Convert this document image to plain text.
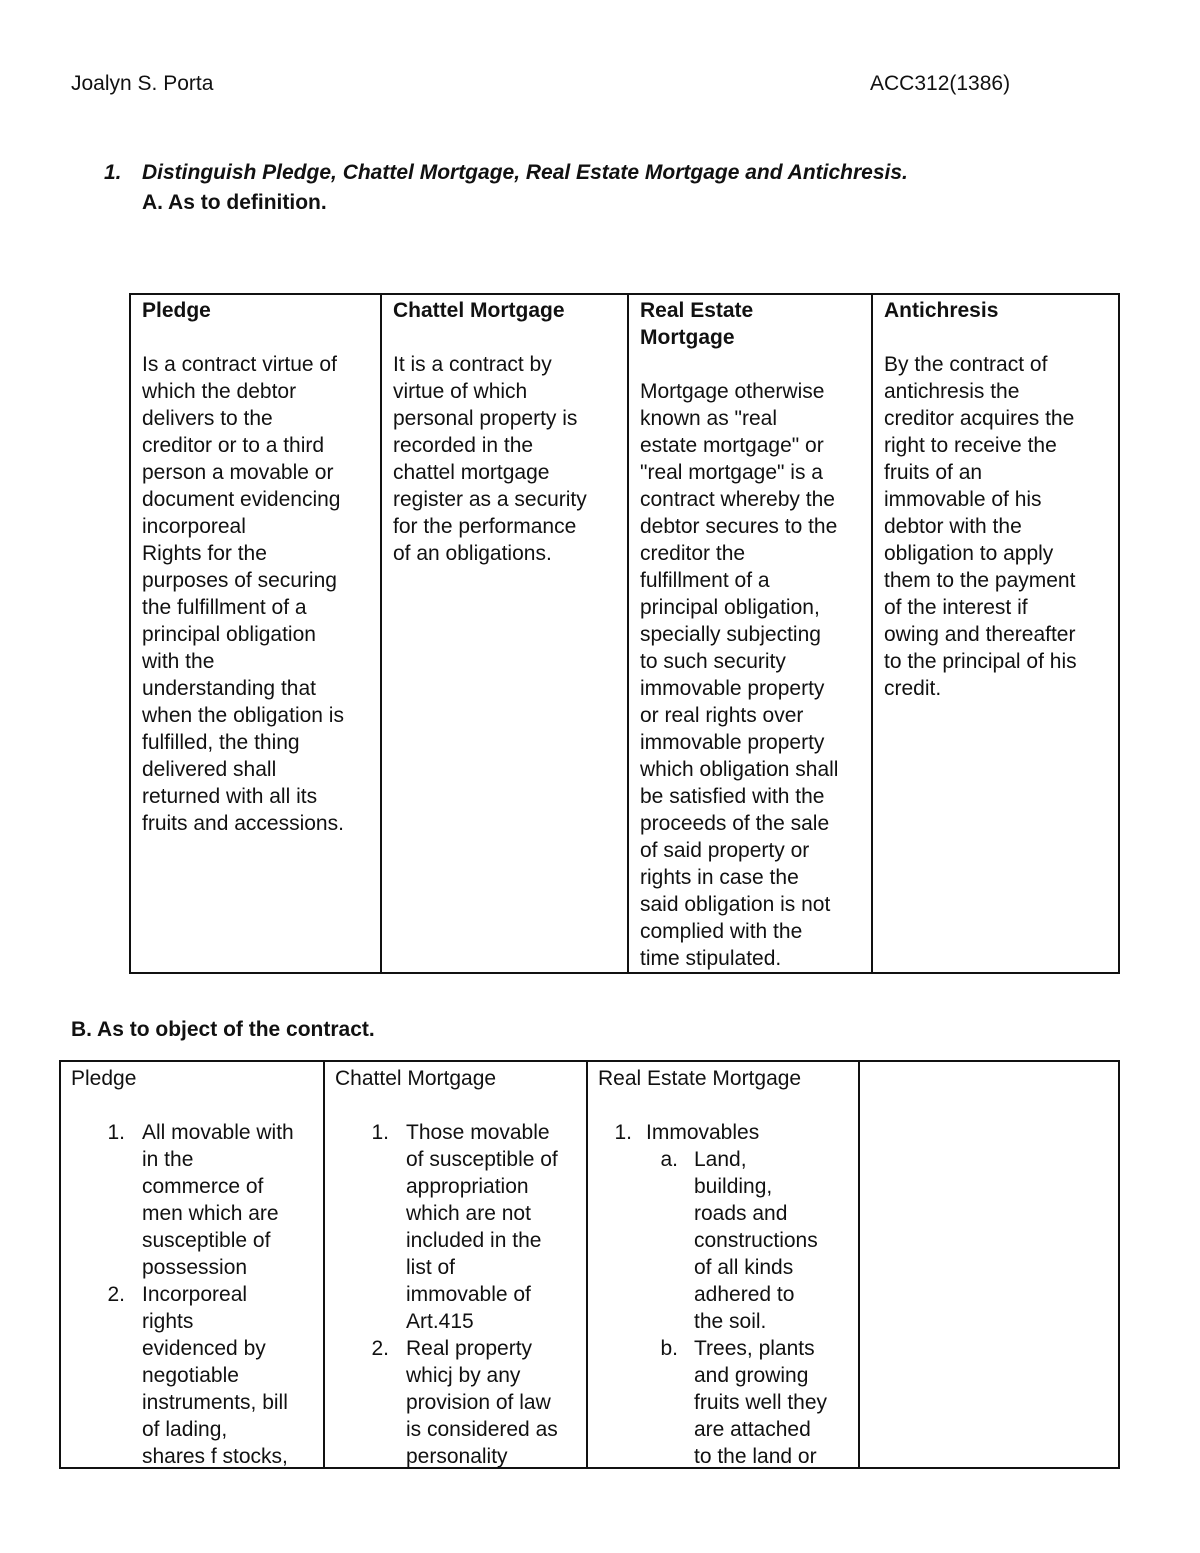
Joalyn S. Porta	ACC312(1386)
1. Distinguish Pledge, Chattel Mortgage, Real Estate Mortgage and Antichresis.
A. As to definition.
Pledge
Is a contract virtue of
which the debtor
delivers to the
creditor or to a third
person a movable or
document evidencing
incorporeal
Rights for the
purposes of securing
the fulfillment of a
principal obligation
with the
understanding that
when the obligation is
fulfilled, the thing
delivered shall
returned with all its
fruits and accessions.

Chattel Mortgage
It is a contract by
virtue of which
personal property is
recorded in the
chattel mortgage
register as a security
for the performance
of an obligations.

Real Estate
Mortgage
Mortgage otherwise
known as "real
estate mortgage" or
"real mortgage" is a
contract whereby the
debtor secures to the
creditor the
fulfillment of a
principal obligation,
specially subjecting
to such security
immovable property
or real rights over
immovable property
which obligation shall
be satisfied with the
proceeds of the sale
of said property or
rights in case the
said obligation is not
complied with the
time stipulated.

Antichresis
By the contract of
antichresis the
creditor acquires the
right to receive the
fruits of an
immovable of his
debtor with the
obligation to apply
them to the payment
of the interest if
owing and thereafter
to the principal of his
credit.
B. As to object of the contract.
Pledge
1. All movable with
in the
commerce of
men which are
susceptible of
possession
2. Incorporeal
rights
evidenced by
negotiable
instruments, bill
of lading,
shares f stocks,

Chattel Mortgage
1. Those movable
of susceptible of
appropriation
which are not
included in the
list of
immovable of
Art.415
2. Real property
whicj by any
provision of law
is considered as
personality

Real Estate Mortgage
1. Immovables
a. Land,
building,
roads and
constructions
of all kinds
adhered to
the soil.
b. Trees, plants
and growing
fruits well they
are attached
to the land or
